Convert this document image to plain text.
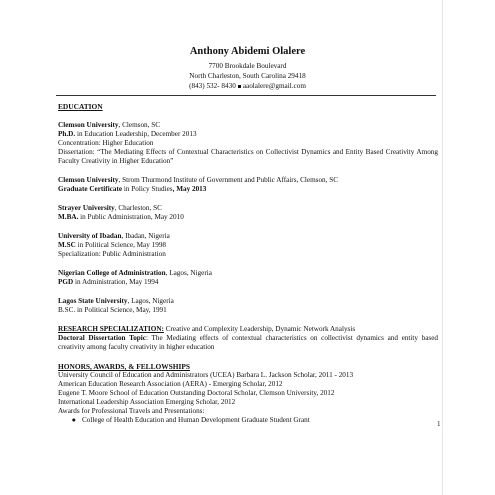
Anthony Abidemi Olalere
7700 Brookdale Boulevard
North Charleston, South Carolina 29418
(843) 532- 8430 aaolalere@gmail.com
EDUCATION
Clemson University, Clemson, SC
Ph.D. in Education Leadership, December 2013
Concentration: Higher Education
Dissertation: “The Mediating Effects of Contextual Characteristics on Collectivist Dynamics and Entity Based Creativity Among Faculty Creativity in Higher Education”
Clemson University, Strom Thurmond Institute of Government and Public Affairs, Clemson, SC
Graduate Certificate in Policy Studies, May 2013
Strayer University, Charleston, SC
M.BA. in Public Administration, May 2010
University of Ibadan, Ibadan, Nigeria
M.SC in Political Science, May 1998
Specialization: Public Administration
Nigerian College of Administration, Lagos, Nigeria
PGD in Administration, May 1994
Lagos State University, Lagos, Nigeria
B.SC. in Political Science, May, 1991
RESEARCH SPECIALIZATION: Creative and Complexity Leadership, Dynamic Network Analysis
Doctoral Dissertation Topic: The Mediating effects of contextual characteristics on collectivist dynamics and entity based creativity among faculty creativity in higher education
HONORS, AWARDS, & FELLOWSHIPS
University Council of Education and Administrators (UCEA) Barbara L. Jackson Scholar, 2011 - 2013
American Education Research Association (AERA) - Emerging Scholar, 2012
Eugene T. Moore School of Education Outstanding Doctoral Scholar, Clemson University, 2012
International Leadership Association Emerging Scholar, 2012
Awards for Professional Travels and Presentations:
● College of Health Education and Human Development Graduate Student Grant	1
